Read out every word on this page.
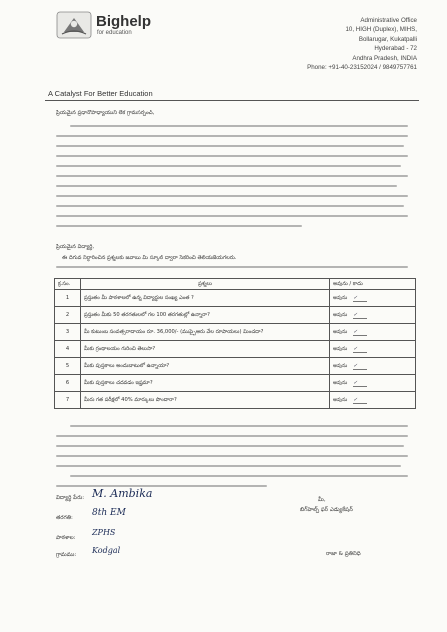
Bighelp
for education
A Catalyst For Better Education
Administrative Office
10, HIGH (Duplex), MIHS,
Bollarugar, Kukatpalli
Hyderabad - 72
Andhra Pradesh, INDIA
Phone: +91-40-23152024 / 9849757761
ప్రియమైన ప్రధానోపాధ్యాయుని లేక గ్రామసర్పంచ్,
ప్రియమైన విద్యార్థి,
ఈ దిగువ నిర్ధారించిన ప్రశ్నలకు జవాబు మీ స్కూల్ ద్వారా సేకరించి తెలియజేయగలరు.
క్ర.సం.	ప్రశ్నలు	అవును / కాదు
1	ప్రస్తుతం మీ పాఠశాలలో ఉన్న విద్యార్థుల సంఖ్య ఎంత ?	అవును ✓
2	ప్రస్తుతం మీకు 50 తరగతులలో గల 100 తరగతుల్లో ఉన్నారా?	అవును ✓
3	మీ కుటుంబ సంవత్సరాదాయం రూ. 36,000/- (ముప్పైఆరు వేల రూపాయలు) మించదా?	అవును ✓
4	మీకు గ్రంథాలయం గురించి తెలుసా?	అవును ✓
5	మీకు పుస్తకాలు అందుబాటులో ఉన్నాయా?	అవును ✓
6	మీకు పుస్తకాలు చదవడం ఇష్టమా?	అవును ✓
7	మీరు గత పరీక్షలో 40% మార్కులు పొందారా?	అవును ✓
విద్యార్థి పేరు: M. Ambika
తరగతి: 8th EM
పాఠశాల:
ZPHS
గ్రామము: Kodgal
మీ,
బిగ్‌హెల్ప్ ఫర్ ఎడ్యుకేషన్
రాజా & ప్రతినిధి
